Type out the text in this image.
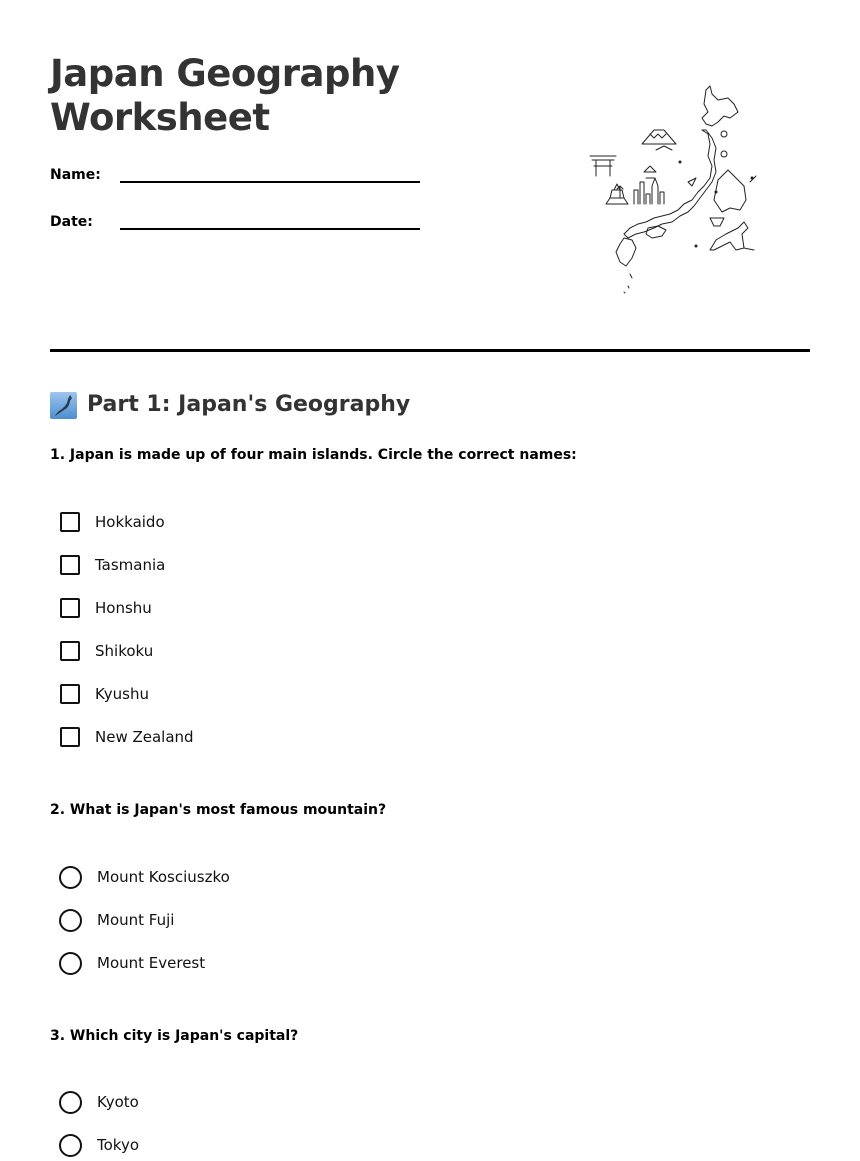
Japan Geography Worksheet
Name:
Date:
Part 1: Japan's Geography
1. Japan is made up of four main islands. Circle the correct names:
Hokkaido
Tasmania
Honshu
Shikoku
Kyushu
New Zealand
2. What is Japan's most famous mountain?
Mount Kosciuszko
Mount Fuji
Mount Everest
3. Which city is Japan's capital?
Kyoto
Tokyo
